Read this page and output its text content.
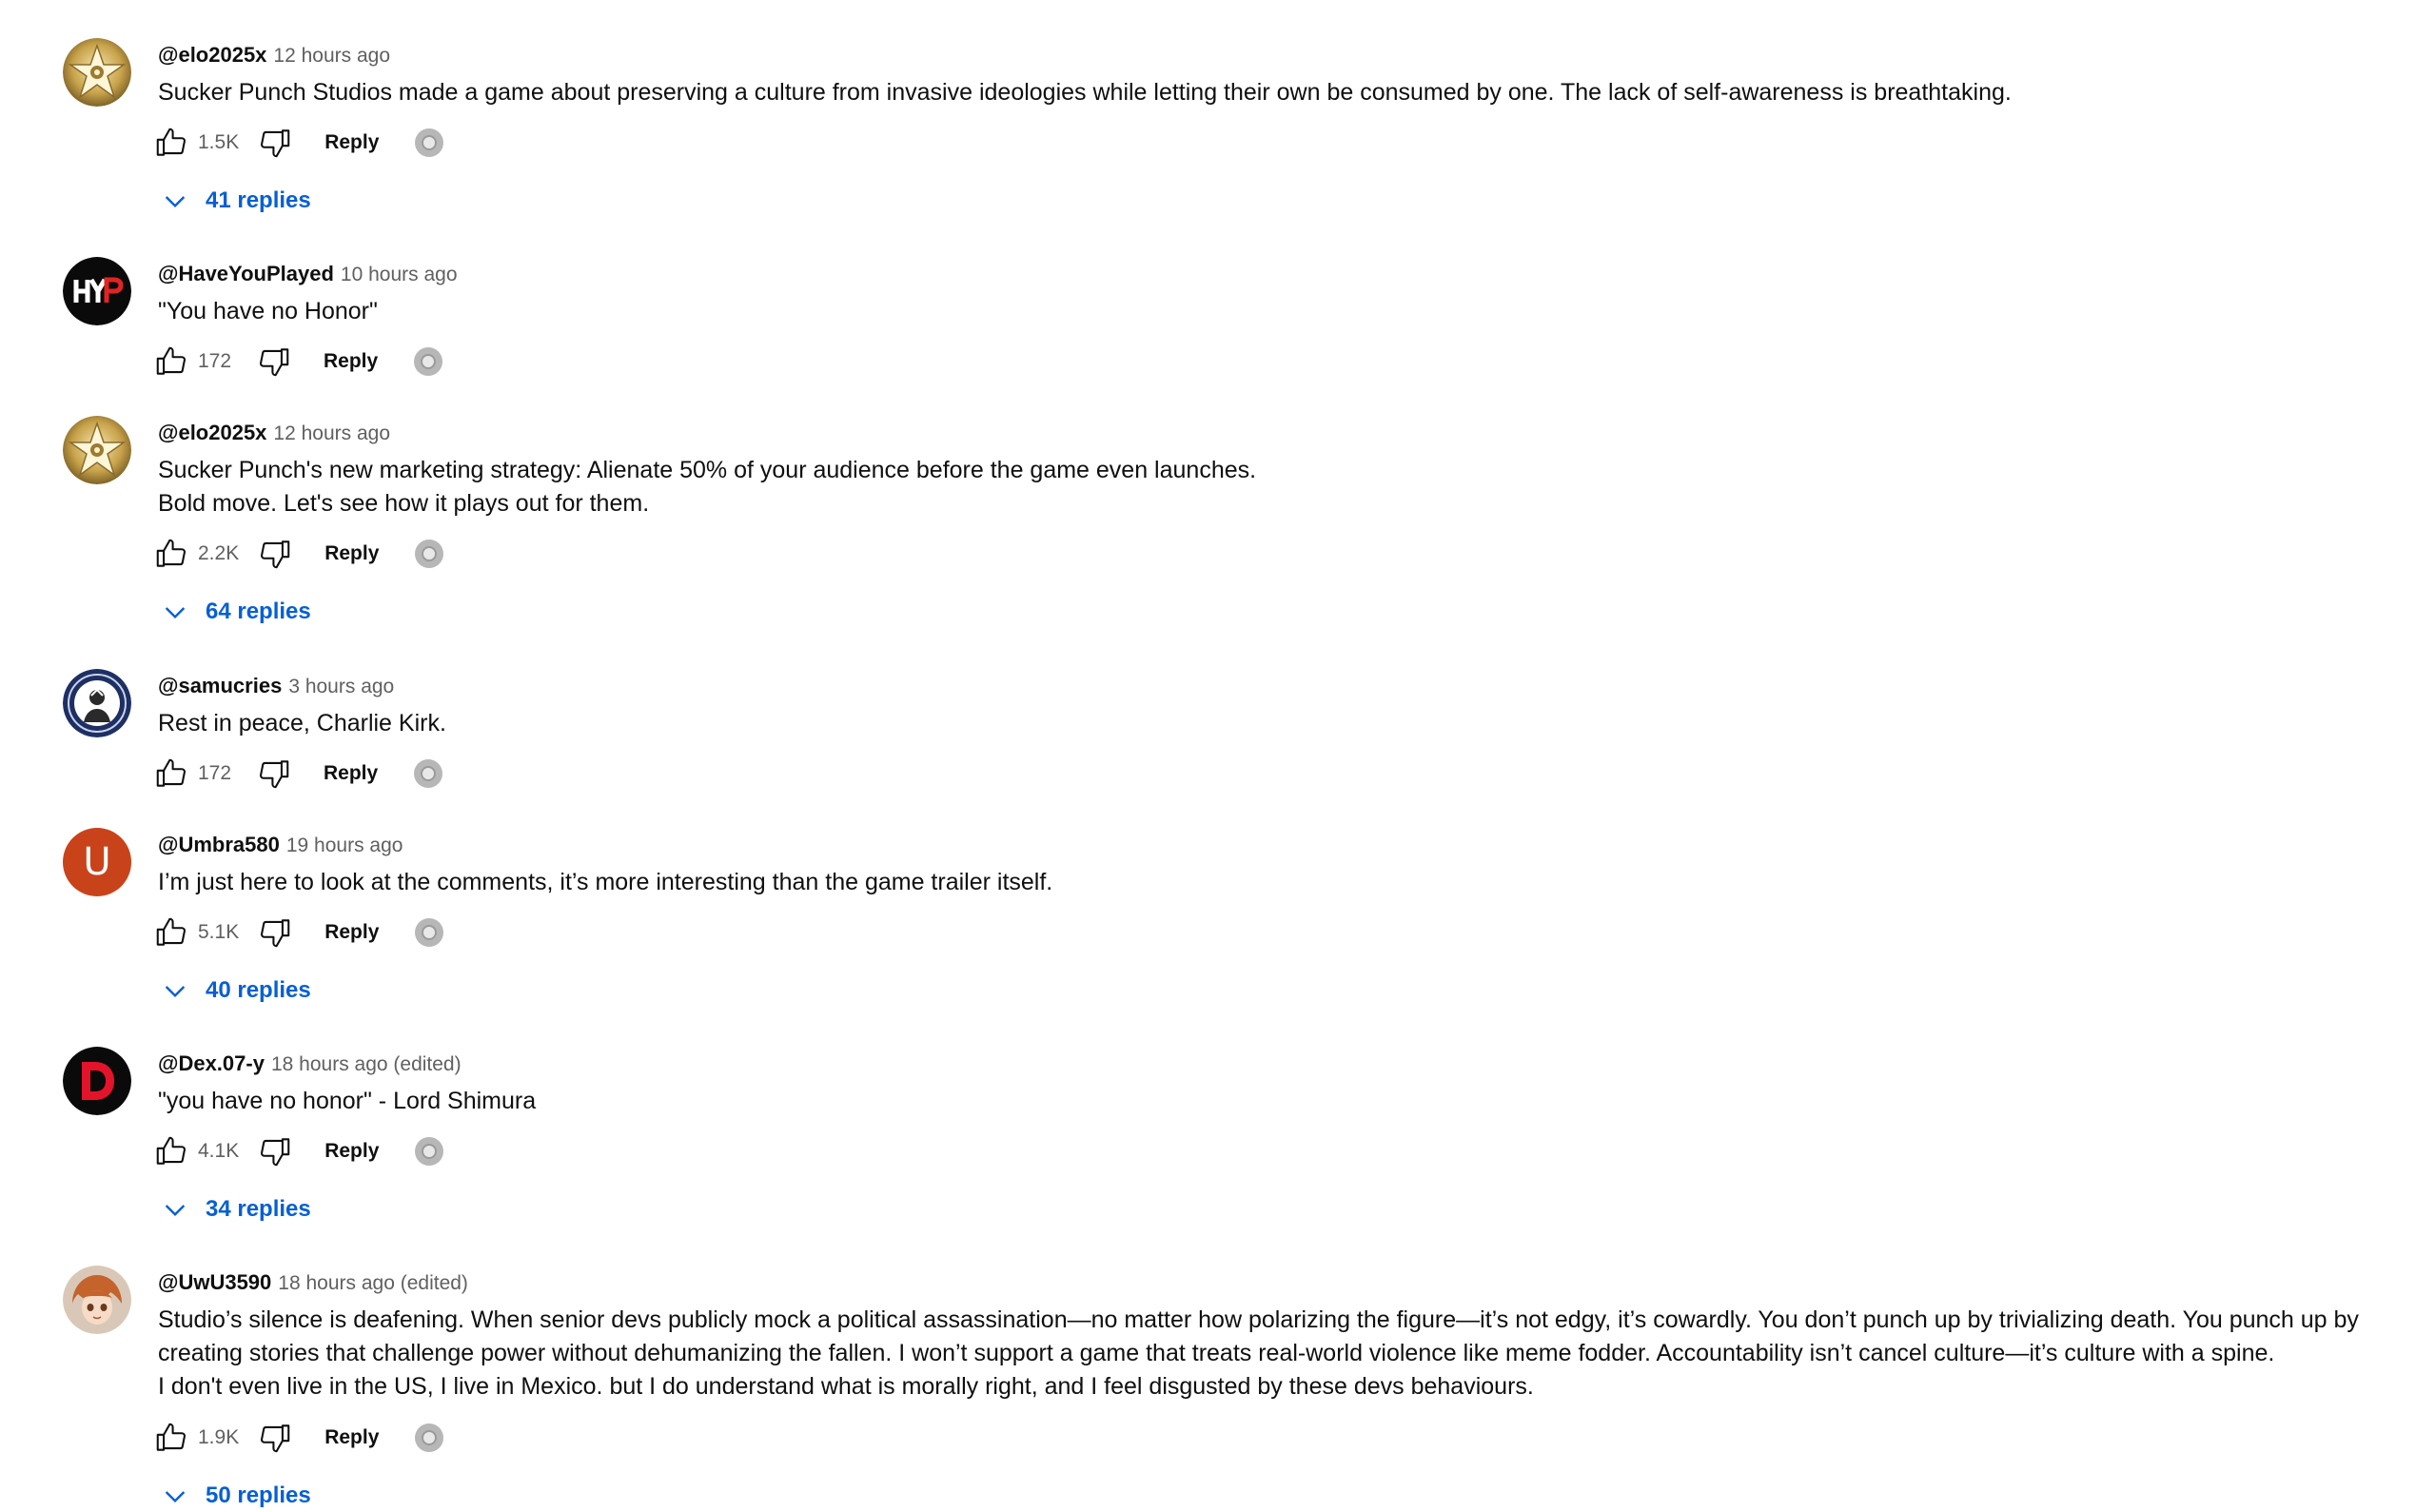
@elo2025x 12 hours ago

Sucker Punch Studios made a game about preserving a culture from invasive ideologies while letting their own be consumed by one. The lack of self-awareness is breathtaking.

1.5K	Reply
41 replies
@HaveYouPlayed 10 hours ago

"You have no Honor"

172	Reply
@elo2025x 12 hours ago

Sucker Punch's new marketing strategy: Alienate 50% of your audience before the game even launches.

Bold move. Let's see how it plays out for them.

2.2K	Reply
64 replies
@samucries 3 hours ago

Rest in peace, Charlie Kirk.

172	Reply
U	@Umbra580 19 hours ago

I’m just here to look at the comments, it’s more interesting than the game trailer itself.

5.1K	Reply
40 replies
@Dex.07-y 18 hours ago (edited)

"you have no honor" - Lord Shimura

4.1K	Reply
34 replies
@UwU3590 18 hours ago (edited)

Studio’s silence is deafening. When senior devs publicly mock a political assassination—no matter how polarizing the figure—it’s not edgy, it’s cowardly. You don’t punch up by trivializing death. You punch up by creating stories that challenge power without dehumanizing the fallen. I won’t support a game that treats real-world violence like meme fodder. Accountability isn’t cancel culture—it’s culture with a spine.

I don't even live in the US, I live in Mexico. but I do understand what is morally right, and I feel disgusted by these devs behaviours.

1.9K	Reply
50 replies
